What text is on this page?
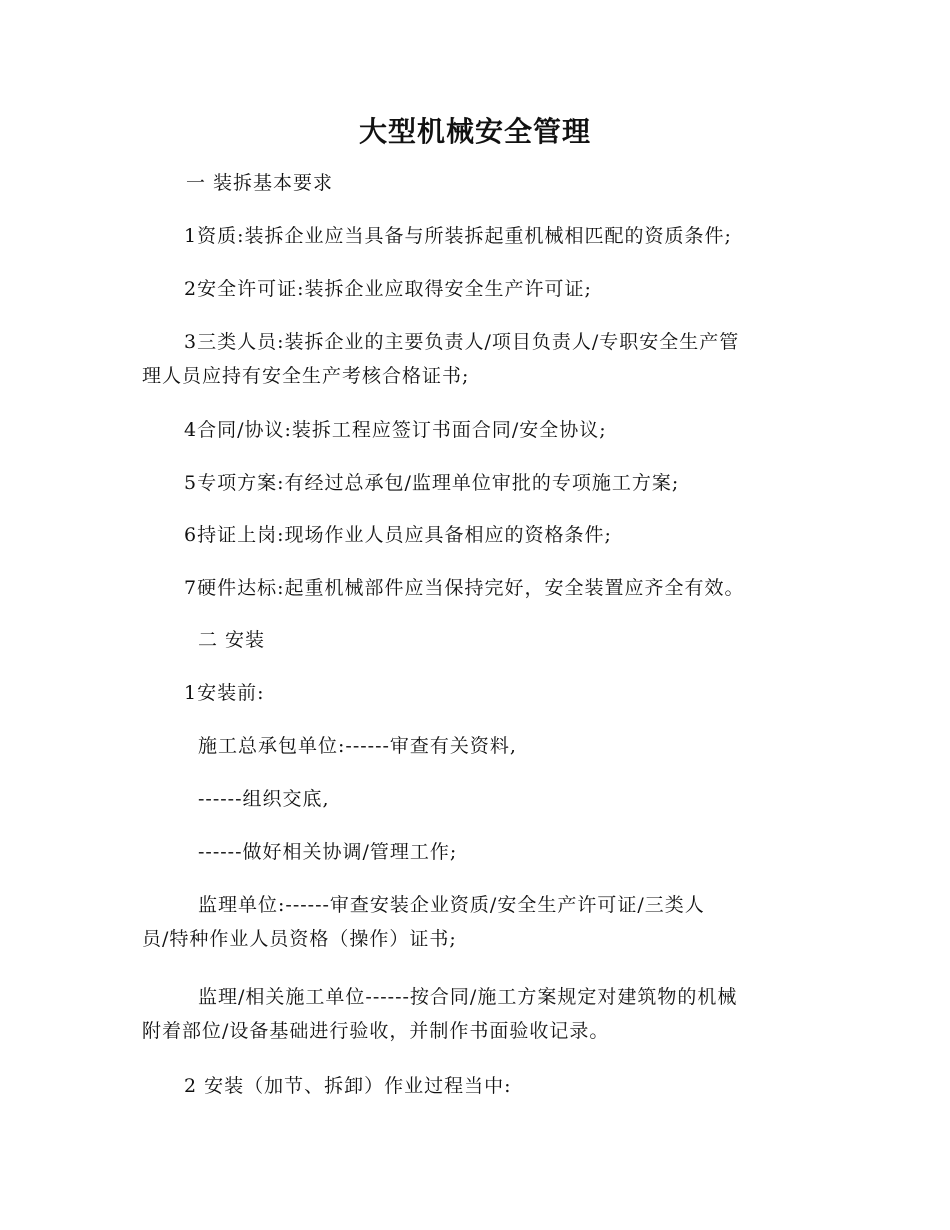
大型机械安全管理
一 装拆基本要求
1资质:装拆企业应当具备与所装拆起重机械相匹配的资质条件;
2安全许可证:装拆企业应取得安全生产许可证;
3三类人员:装拆企业的主要负责人/项目负责人/专职安全生产管
理人员应持有安全生产考核合格证书;
4合同/协议:装拆工程应签订书面合同/安全协议;
5专项方案:有经过总承包/监理单位审批的专项施工方案;
6持证上岗:现场作业人员应具备相应的资格条件;
7硬件达标:起重机械部件应当保持完好，安全装置应齐全有效。
二 安装
1安装前:
施工总承包单位:------审查有关资料,
------组织交底,
------做好相关协调/管理工作;
监理单位:------审查安装企业资质/安全生产许可证/三类人
员/特种作业人员资格（操作）证书;
监理/相关施工单位------按合同/施工方案规定对建筑物的机械
附着部位/设备基础进行验收，并制作书面验收记录。
2 安装（加节、拆卸）作业过程当中:
